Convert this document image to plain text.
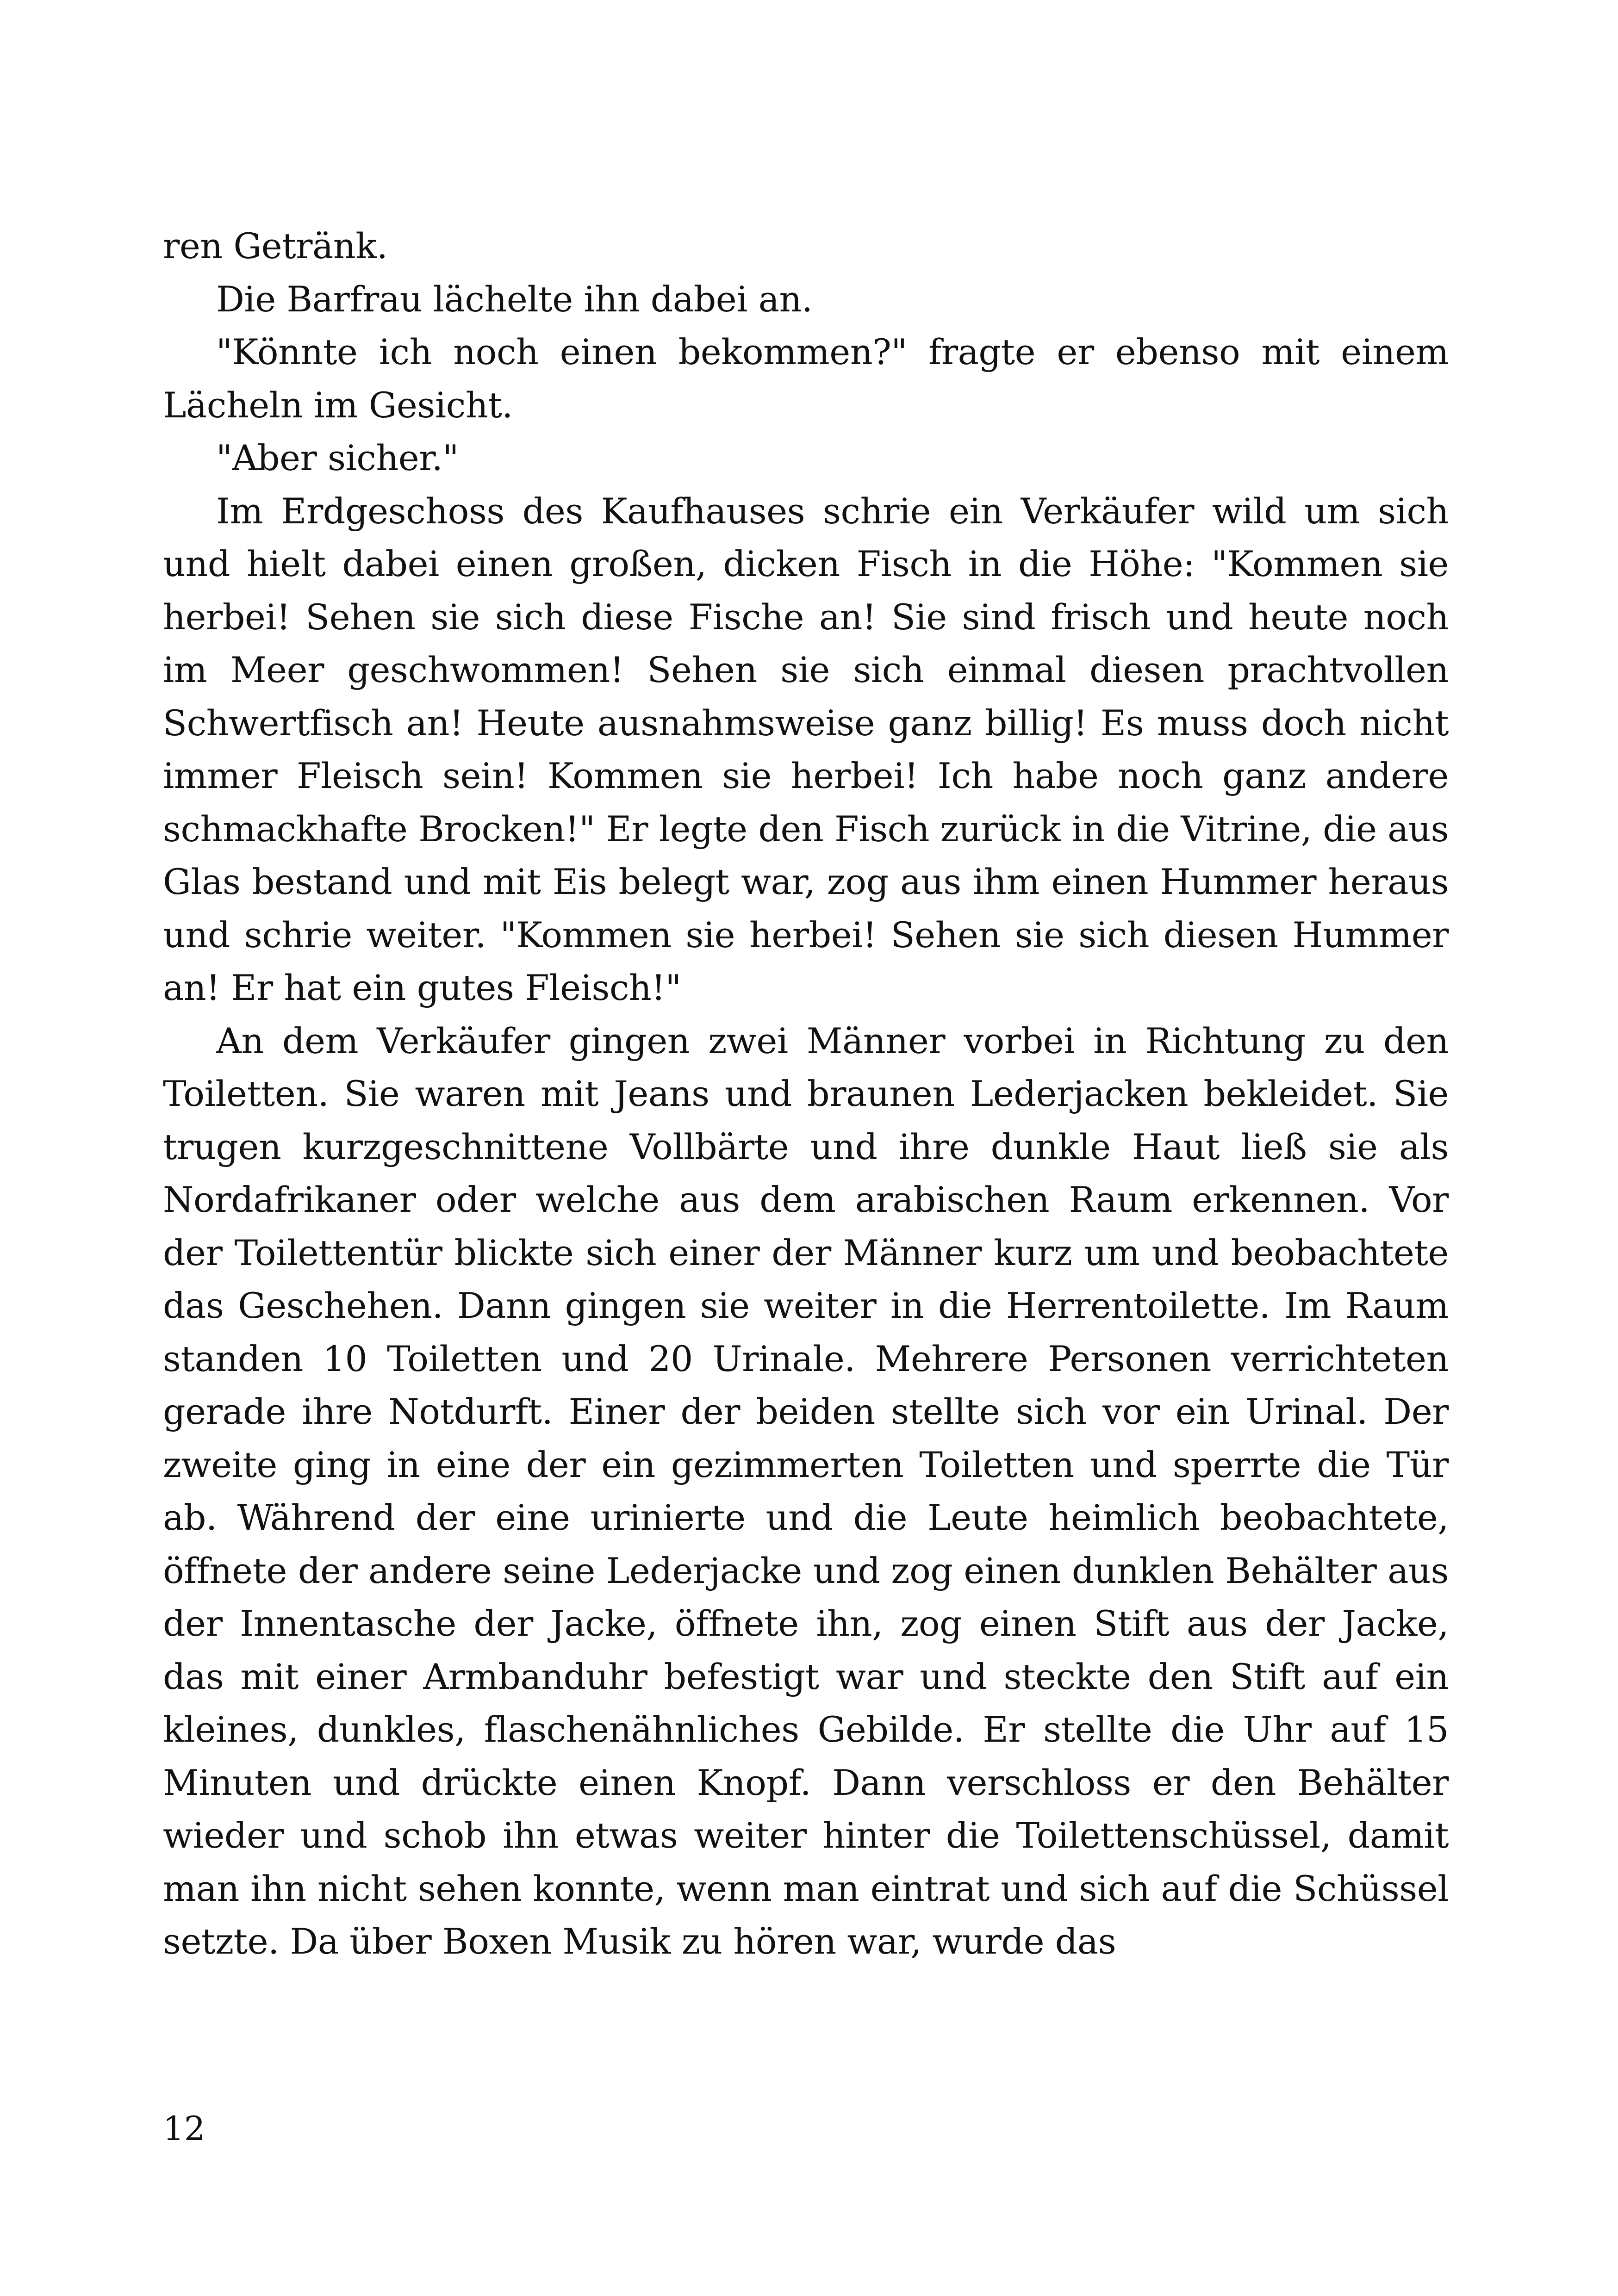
ren Getränk.

Die Barfrau lächelte ihn dabei an.

"Könnte ich noch einen bekommen?" fragte er ebenso mit einem Lächeln im Gesicht.

"Aber sicher."

Im Erdgeschoss des Kaufhauses schrie ein Verkäufer wild um sich und hielt dabei einen großen, dicken Fisch in die Höhe: "Kommen sie herbei! Sehen sie sich diese Fische an! Sie sind frisch und heute noch im Meer geschwommen! Sehen sie sich einmal diesen prachtvollen Schwertfisch an! Heute ausnahmsweise ganz billig! Es muss doch nicht immer Fleisch sein! Kommen sie herbei! Ich habe noch ganz andere schmackhafte Brocken!" Er legte den Fisch zurück in die Vitrine, die aus Glas bestand und mit Eis belegt war, zog aus ihm einen Hummer heraus und schrie weiter. "Kommen sie herbei! Sehen sie sich diesen Hummer an! Er hat ein gutes Fleisch!"

An dem Verkäufer gingen zwei Männer vorbei in Richtung zu den Toiletten. Sie waren mit Jeans und braunen Lederjacken bekleidet. Sie trugen kurzgeschnittene Vollbärte und ihre dunkle Haut ließ sie als Nordafrikaner oder welche aus dem arabischen Raum erkennen. Vor der Toilettentür blickte sich einer der Männer kurz um und beobachtete das Geschehen. Dann gingen sie weiter in die Herrentoilette. Im Raum standen 10 Toiletten und 20 Urinale. Mehrere Personen verrichteten gerade ihre Notdurft. Einer der beiden stellte sich vor ein Urinal. Der zweite ging in eine der ein gezimmerten Toiletten und sperrte die Tür ab. Während der eine urinierte und die Leute heimlich beobachtete, öffnete der andere seine Lederjacke und zog einen dunklen Behälter aus der Innentasche der Jacke, öffnete ihn, zog einen Stift aus der Jacke, das mit einer Armbanduhr befestigt war und steckte den Stift auf ein kleines, dunkles, flaschenähnliches Gebilde. Er stellte die Uhr auf 15 Minuten und drückte einen Knopf. Dann verschloss er den Behälter wieder und schob ihn etwas weiter hinter die Toilettenschüssel, damit man ihn nicht sehen konnte, wenn man eintrat und sich auf die Schüssel setzte. Da über Boxen Musik zu hören war, wurde das

12
